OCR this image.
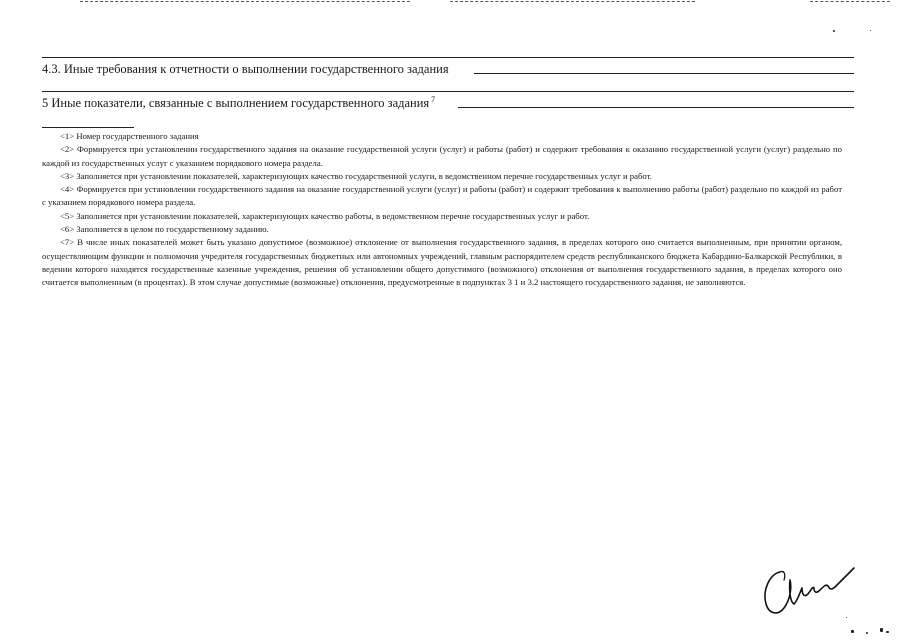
4.3. Иные требования к отчетности о выполнении государственного задания
5 Иные показатели, связанные с выполнением государственного задания $^7$

<1> Номер государственного задания

<2> Формируется при установлении государственного задания на оказание государственной услуги (услуг) и работы (работ) и содержит требования к оказанию государственной услуги (услуг) раздельно по каждой из государственных услуг с указанием порядкового номера раздела.

<3> Заполняется при установлении показателей, характеризующих качество государственной услуги, в ведомственном перечне государственных услуг и работ.

<4> Формируется при установлении государственного задания на оказание государственной услуги (услуг) и работы (работ) и содержит требования к выполнению работы (работ) раздельно по каждой из работ с указанием порядкового номера раздела.

<5> Заполняется при установлении показателей, характеризующих качество работы, в ведомственном перечне государственных услуг и работ.

<6> Заполняется в целом по государственному заданию.

<7> В числе иных показателей может быть указано допустимое (возможное) отклонение от выполнения государственного задания, в пределах которого оно считается выполненным, при принятии органом, осуществляющим функции и полномочия учредителя государственных бюджетных или автономных учреждений, главным распорядителем средств республиканского бюджета Кабардино-Балкарской Республики, в ведении которого находятся государственные казенные учреждения, решения об установлении общего допустимого (возможного) отклонения от выполнения государственного задания, в пределах которого оно считается выполненным (в процентах). В этом случае допустимые (возможные) отклонения, предусмотренные в подпунктах 3 1 и 3.2 настоящего государственного задания, не заполняются.
